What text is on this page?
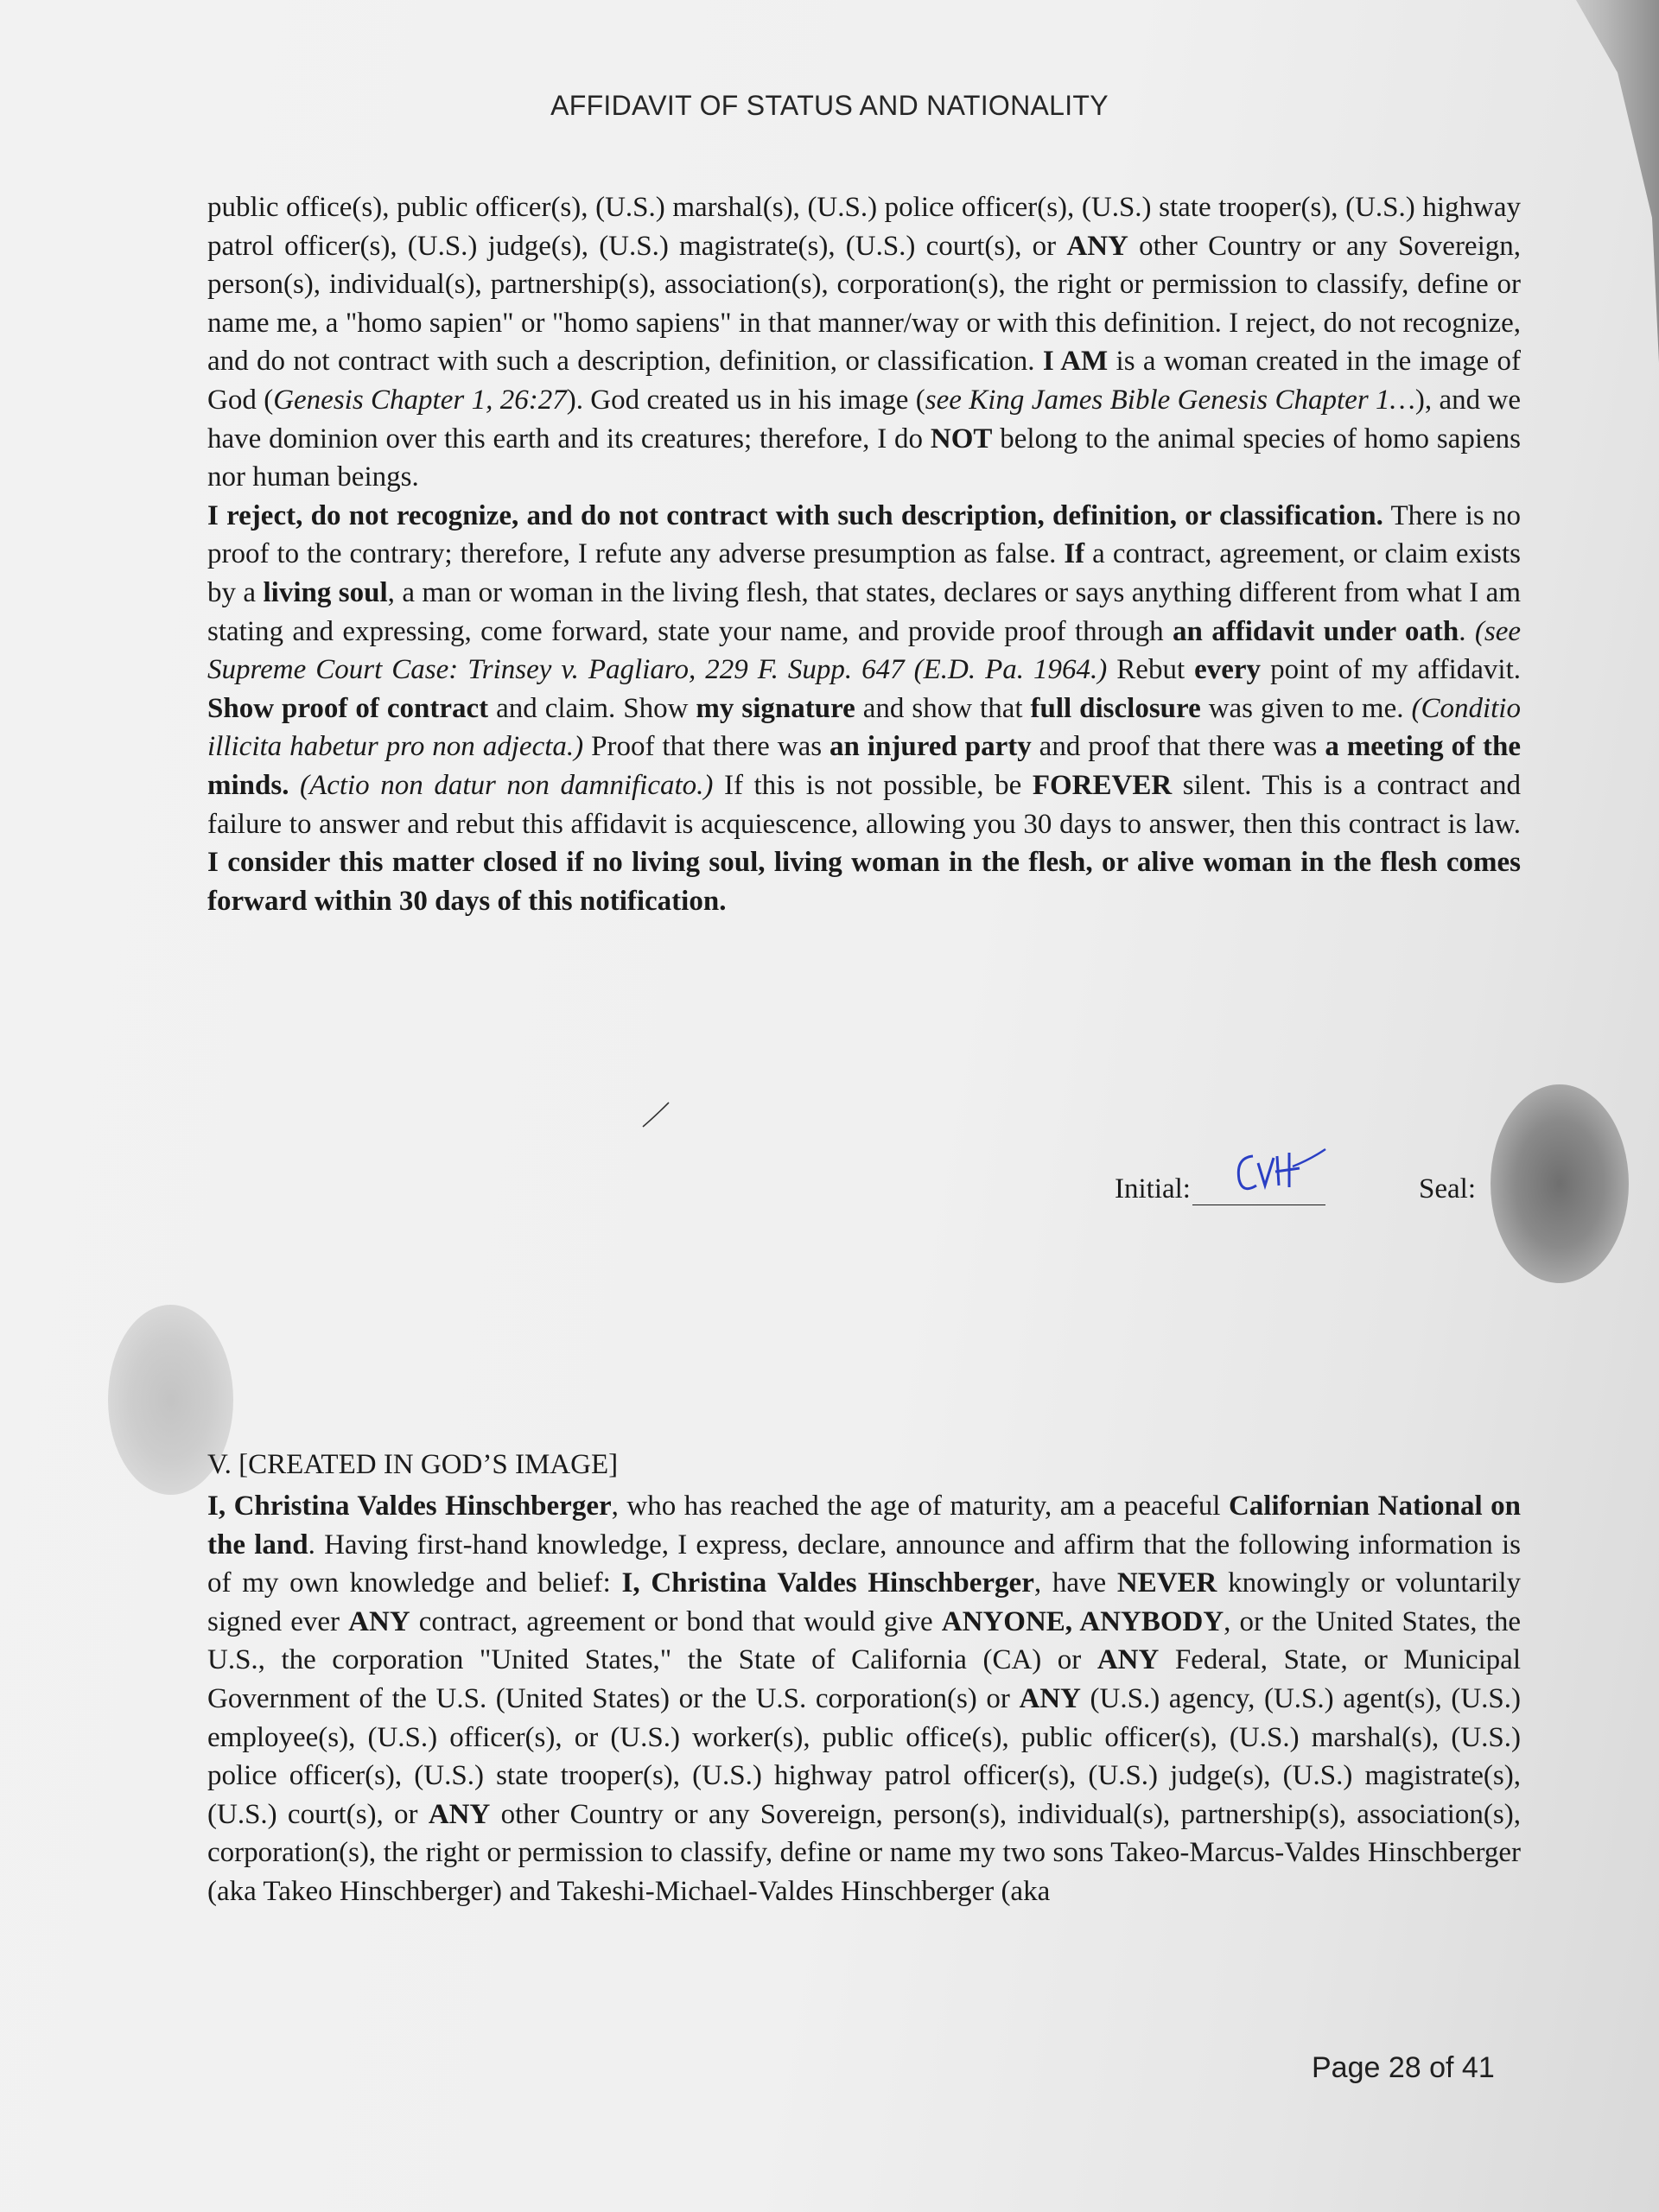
AFFIDAVIT OF STATUS AND NATIONALITY

public office(s), public officer(s), (U.S.) marshal(s), (U.S.) police officer(s), (U.S.) state trooper(s), (U.S.) highway patrol officer(s), (U.S.) judge(s), (U.S.) magistrate(s), (U.S.) court(s), or ANY other Country or any Sovereign, person(s), individual(s), partnership(s), association(s), corporation(s), the right or permission to classify, define or name me, a "homo sapien" or "homo sapiens" in that manner/way or with this definition. I reject, do not recognize, and do not contract with such a description, definition, or classification. I AM is a woman created in the image of God (Genesis Chapter 1, 26:27). God created us in his image (see King James Bible Genesis Chapter 1…), and we have dominion over this earth and its creatures; therefore, I do NOT belong to the animal species of homo sapiens nor human beings.

I reject, do not recognize, and do not contract with such description, definition, or classification. There is no proof to the contrary; therefore, I refute any adverse presumption as false. If a contract, agreement, or claim exists by a living soul, a man or woman in the living flesh, that states, declares or says anything different from what I am stating and expressing, come forward, state your name, and provide proof through an affidavit under oath. (see Supreme Court Case: Trinsey v. Pagliaro, 229 F. Supp. 647 (E.D. Pa. 1964.) Rebut every point of my affidavit. Show proof of contract and claim. Show my signature and show that full disclosure was given to me. (Conditio illicita habetur pro non adjecta.) Proof that there was an injured party and proof that there was a meeting of the minds. (Actio non datur non damnificato.) If this is not possible, be FOREVER silent. This is a contract and failure to answer and rebut this affidavit is acquiescence, allowing you 30 days to answer, then this contract is law. I consider this matter closed if no living soul, living woman in the flesh, or alive woman in the flesh comes forward within 30 days of this notification.

Initial:	Seal:
V. [CREATED IN GOD’S IMAGE]

I, Christina Valdes Hinschberger, who has reached the age of maturity, am a peaceful Californian National on the land. Having first-hand knowledge, I express, declare, announce and affirm that the following information is of my own knowledge and belief: I, Christina Valdes Hinschberger, have NEVER knowingly or voluntarily signed ever ANY contract, agreement or bond that would give ANYONE, ANYBODY, or the United States, the U.S., the corporation "United States," the State of California (CA) or ANY Federal, State, or Municipal Government of the U.S. (United States) or the U.S. corporation(s) or ANY (U.S.) agency, (U.S.) agent(s), (U.S.) employee(s), (U.S.) officer(s), or (U.S.) worker(s), public office(s), public officer(s), (U.S.) marshal(s), (U.S.) police officer(s), (U.S.) state trooper(s), (U.S.) highway patrol officer(s), (U.S.) judge(s), (U.S.) magistrate(s), (U.S.) court(s), or ANY other Country or any Sovereign, person(s), individual(s), partnership(s), association(s), corporation(s), the right or permission to classify, define or name my two sons Takeo-Marcus-Valdes Hinschberger (aka Takeo Hinschberger) and Takeshi-Michael-Valdes Hinschberger (aka

Page 28 of 41
